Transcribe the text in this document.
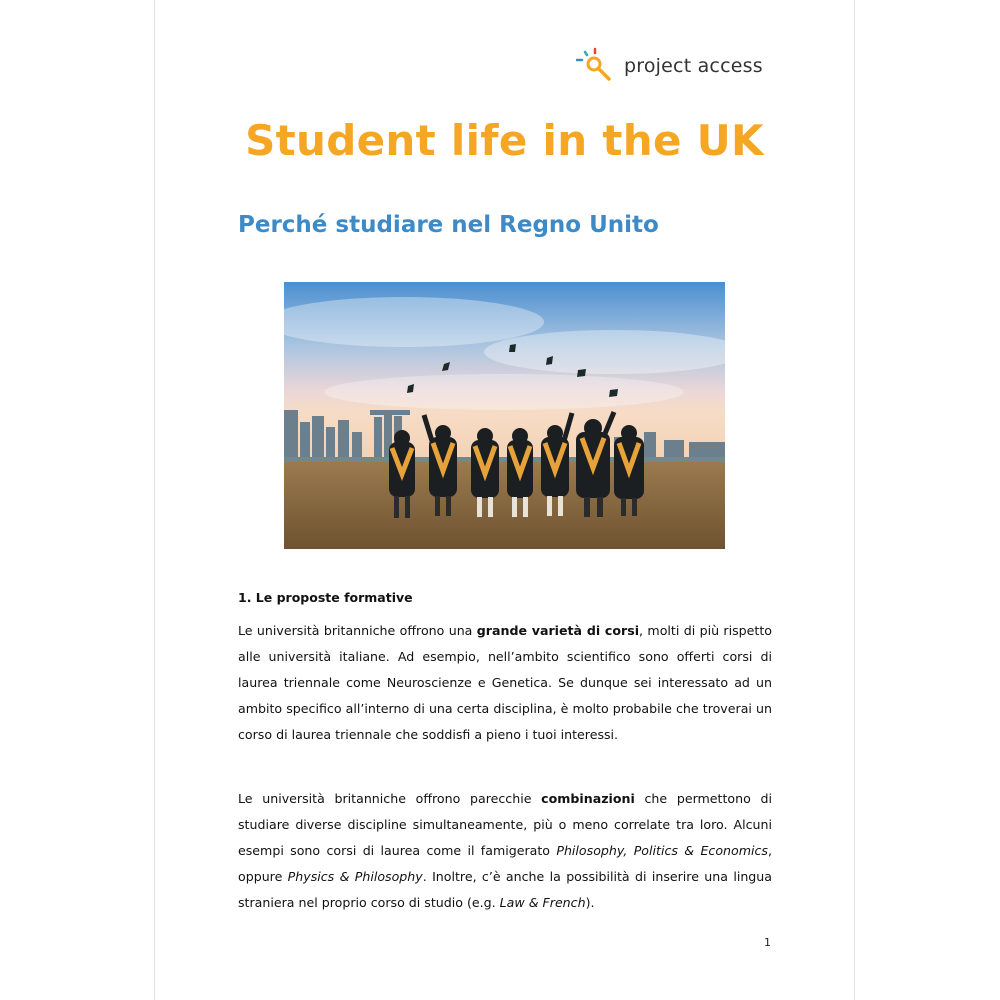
project access
Student life in the UK
Perché studiare nel Regno Unito
1. Le proposte formative

Le università britanniche offrono una grande varietà di corsi, molti di più rispetto alle università italiane. Ad esempio, nell’ambito scientifico sono offerti corsi di laurea triennale come Neuroscienze e Genetica. Se dunque sei interessato ad un ambito specifico all’interno di una certa disciplina, è molto probabile che troverai un corso di laurea triennale che soddisfi a pieno i tuoi interessi.

Le università britanniche offrono parecchie combinazioni che permettono di studiare diverse discipline simultaneamente, più o meno correlate tra loro. Alcuni esempi sono corsi di laurea come il famigerato Philosophy, Politics & Economics, oppure Physics & Philosophy. Inoltre, c’è anche la possibilità di inserire una lingua straniera nel proprio corso di studio (e.g. Law & French).

1
